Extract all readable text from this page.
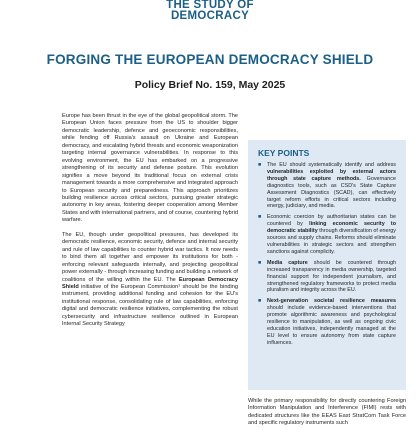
THE STUDY OF
DEMOCRACY
FORGING THE EUROPEAN DEMOCRACY SHIELD
Policy Brief No. 159, May 2025

Europe has been thrust in the eye of the global geopolitical storm. The European Union faces pressure from the US to shoulder bigger democratic leadership, defence and geoeconomic responsibilities, while fending off Russia's assault on Ukraine and European democracy, and escalating hybrid threats and economic weaponization targeting internal governance vulnerabilities. In response to this evolving environment, the EU has embarked on a progressive strengthening of its security and defense posture. This evolution signifies a move beyond its traditional focus on external crisis management towards a more comprehensive and integrated approach to European security and preparedness. This approach prioritizes building resilience across critical sectors, pursuing greater strategic autonomy in key areas, fostering deeper cooperation among Member States and with international partners, and of course, countering hybrid warfare.

The EU, though under geopolitical pressures, has developed its democratic resilience, economic security, defence and internal security and rule of law capabilities to counter hybrid war tactics. It now needs to bind them all together and empower its institutions for both - enforcing relevant safeguards internally, and projecting geopolitical power externally - through increasing funding and building a network of coalitions of the willing within the EU. The European Democracy Shield initiative of the European Commission¹ should be the binding instrument, providing additional funding and cohesion for the EU's institutional response, consolidating rule of law capabilities, enforcing digital and democratic resilience initiatives, complementing the robust cybersecurity and infrastructure resilience outlined in European Internal Security Strategy

KEY POINTS
■ The EU should systematically identify and address vulnerabilities exploited by external actors through state capture methods. Governance diagnostics tools, such as CSD's State Capture Assessment Diagnostics (SCAD), can effectively target reform efforts in critical sectors including energy, judiciary, and media.
■ Economic coercion by authoritarian states can be countered by linking economic security to democratic stability through diversification of energy sources and supply chains. Reforms should eliminate vulnerabilities in strategic sectors and strengthen sanctions against complicity.
■ Media capture should be countered through increased transparency in media ownership, targeted financial support for independent journalism, and strengthened regulatory frameworks to protect media pluralism and integrity across the EU.
■ Next-generation societal resilience measures should include evidence-based interventions that promote algorithmic awareness and psychological resilience to manipulation, as well as ongoing civic education initiatives, independently managed at the EU level to ensure autonomy from state capture influences.

While the primary responsibility for directly countering Foreign Information Manipulation and Interference (FIMI) rests with dedicated structures like the EEAS East StratCom Task Force and specific regulatory instruments such
